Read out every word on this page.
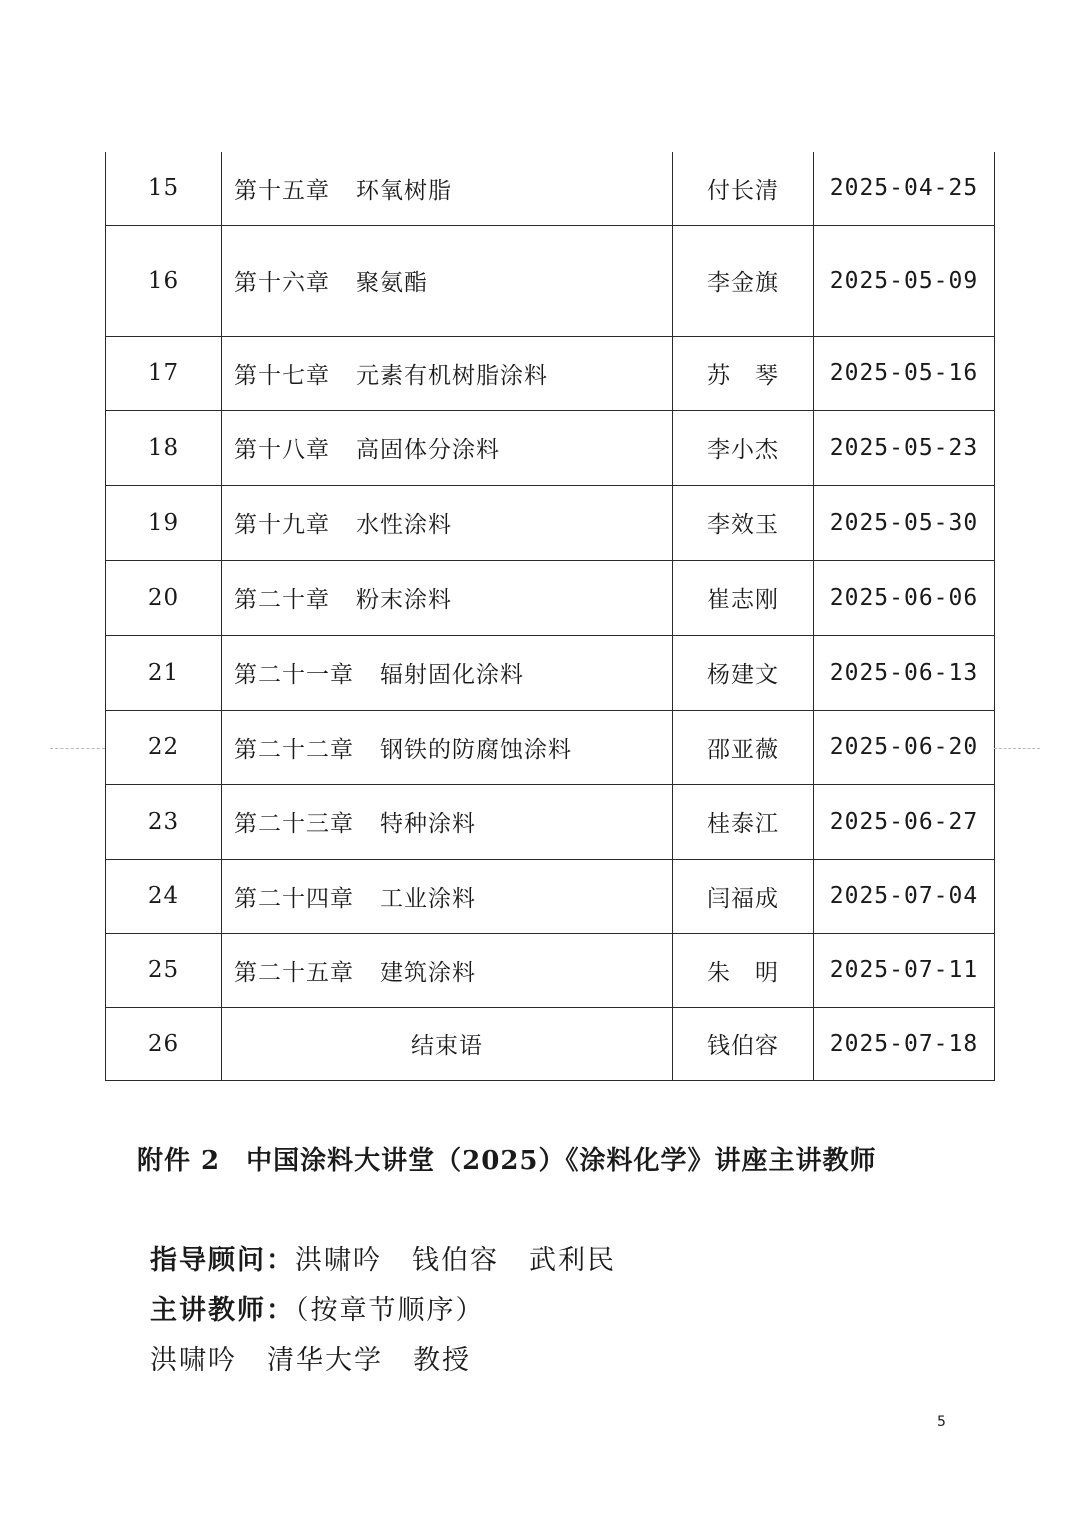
15	第十五章 环氧树脂	付长清	2025-04-25
16	第十六章 聚氨酯	李金旗	2025-05-09
17	第十七章 元素有机树脂涂料	苏　琴	2025-05-16
18	第十八章 高固体分涂料	李小杰	2025-05-23
19	第十九章 水性涂料	李效玉	2025-05-30
20	第二十章 粉末涂料	崔志刚	2025-06-06
21	第二十一章 辐射固化涂料	杨建文	2025-06-13
22	第二十二章 钢铁的防腐蚀涂料	邵亚薇	2025-06-20
23	第二十三章 特种涂料	桂泰江	2025-06-27
24	第二十四章 工业涂料	闫福成	2025-07-04
25	第二十五章 建筑涂料	朱　明	2025-07-11
26	结束语	钱伯容	2025-07-18
附件 2 中国涂料大讲堂（2025）《涂料化学》讲座主讲教师
指导顾问：洪啸吟 钱伯容 武利民
主讲教师：（按章节顺序）
洪啸吟 清华大学 教授
5
